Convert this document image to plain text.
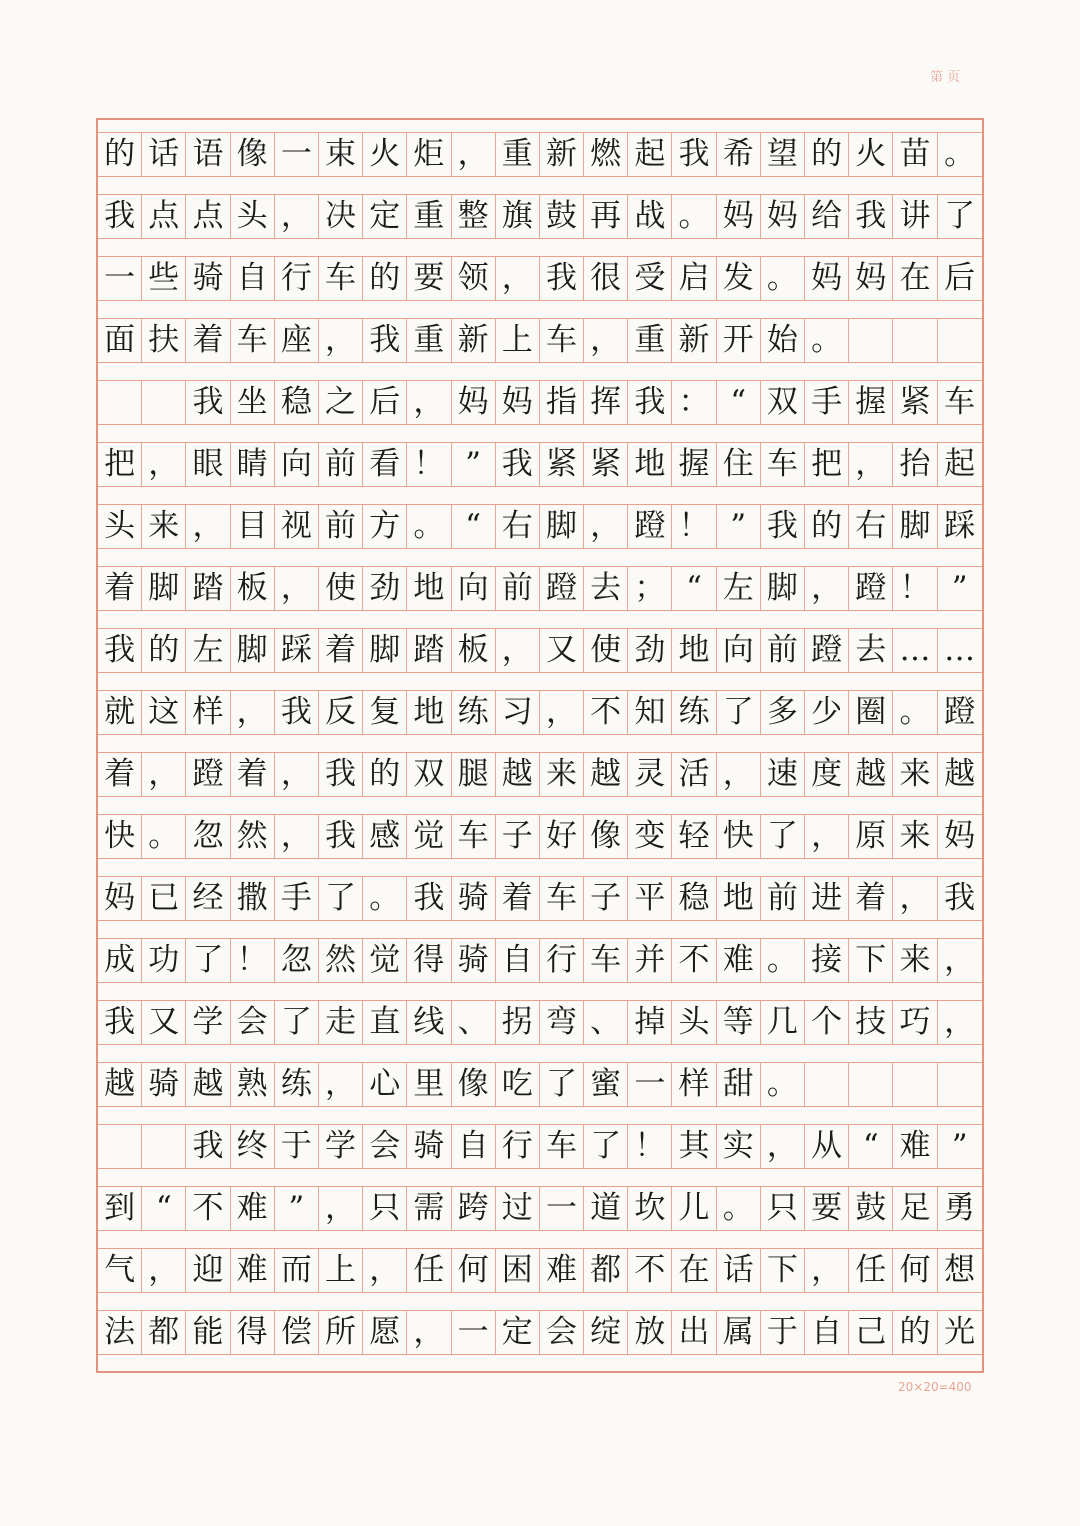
第 页
的 话 语 像 一 束 火 炬 ， 重 新 燃 起 我 希 望 的 火 苗 。
我 点 点 头 ， 决 定 重 整 旗 鼓 再 战 。 妈 妈 给 我 讲 了
一 些 骑 自 行 车 的 要 领 ， 我 很 受 启 发 。 妈 妈 在 后
面 扶 着 车 座 ， 我 重 新 上 车 ， 重 新 开 始 。
我 坐 稳 之 后 ， 妈 妈 指 挥 我 ： “ 双 手 握 紧 车
把 ， 眼 睛 向 前 看 ！ ” 我 紧 紧 地 握 住 车 把 ， 抬 起
头 来 ， 目 视 前 方 。 “ 右 脚 ， 蹬 ！ ” 我 的 右 脚 踩
着 脚 踏 板 ， 使 劲 地 向 前 蹬 去 ； “ 左 脚 ， 蹬 ！ ”
我 的 左 脚 踩 着 脚 踏 板 ， 又 使 劲 地 向 前 蹬 去 … …
就 这 样 ， 我 反 复 地 练 习 ， 不 知 练 了 多 少 圈 。 蹬
着 ， 蹬 着 ， 我 的 双 腿 越 来 越 灵 活 ， 速 度 越 来 越
快 。 忽 然 ， 我 感 觉 车 子 好 像 变 轻 快 了 ， 原 来 妈
妈 已 经 撒 手 了 。 我 骑 着 车 子 平 稳 地 前 进 着 ， 我
成 功 了 ！ 忽 然 觉 得 骑 自 行 车 并 不 难 。 接 下 来 ，
我 又 学 会 了 走 直 线 、 拐 弯 、 掉 头 等 几 个 技 巧 ，
越 骑 越 熟 练 ， 心 里 像 吃 了 蜜 一 样 甜 。
我 终 于 学 会 骑 自 行 车 了 ！ 其 实 ， 从 “ 难 ”
到 “ 不 难 ” ， 只 需 跨 过 一 道 坎 儿 。 只 要 鼓 足 勇
气 ， 迎 难 而 上 ， 任 何 困 难 都 不 在 话 下 ， 任 何 想
法 都 能 得 偿 所 愿 ， 一 定 会 绽 放 出 属 于 自 己 的 光
20×20=400
